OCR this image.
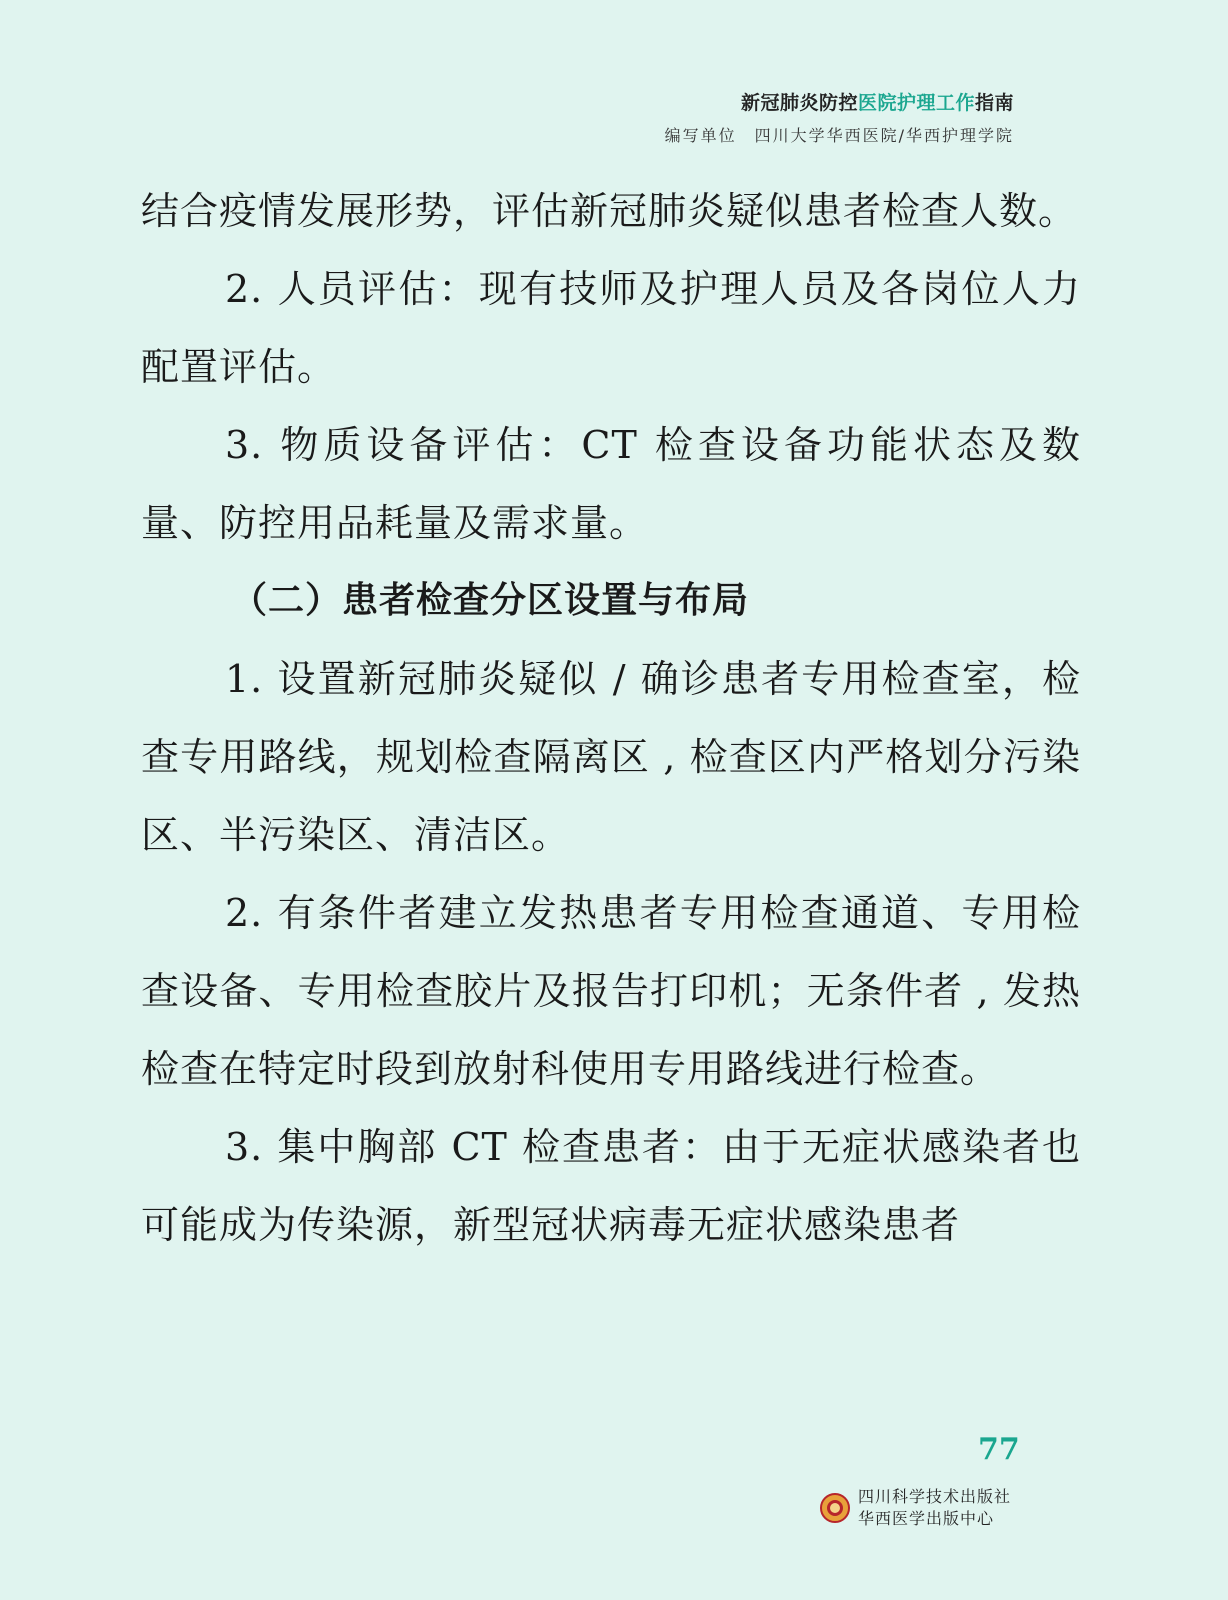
新冠肺炎防控医院护理工作指南
编写单位　四川大学华西医院/华西护理学院

结合疫情发展形势，评估新冠肺炎疑似患者检查人数。

2. 人员评估：现有技师及护理人员及各岗位人力配置评估。

3. 物质设备评估：CT 检查设备功能状态及数量、防控用品耗量及需求量。

（二）患者检查分区设置与布局

1. 设置新冠肺炎疑似 / 确诊患者专用检查室，检查专用路线，规划检查隔离区 , 检查区内严格划分污染区、半污染区、清洁区。

2. 有条件者建立发热患者专用检查通道、专用检查设备、专用检查胶片及报告打印机；无条件者 , 发热检查在特定时段到放射科使用专用路线进行检查。

3. 集中胸部 CT 检查患者：由于无症状感染者也可能成为传染源，新型冠状病毒无症状感染患者

77
四川科学技术出版社
华西医学出版中心
